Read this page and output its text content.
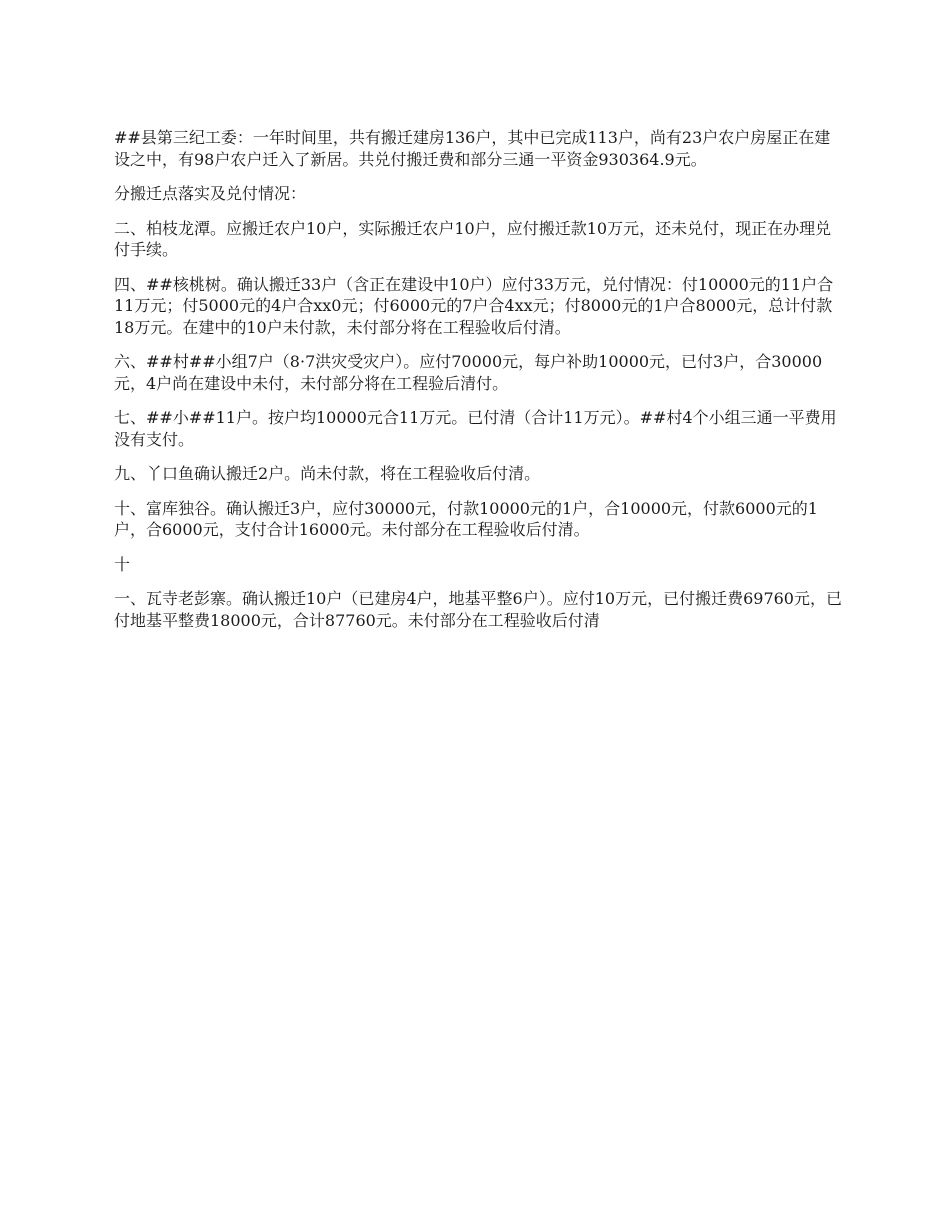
##县第三纪工委：一年时间里，共有搬迁建房136户，其中已完成113户，尚有23户农户房屋正在建设之中，有98户农户迁入了新居。共兑付搬迁费和部分三通一平资金930364.9元。

分搬迁点落实及兑付情况：

二、柏枝龙潭。应搬迁农户10户，实际搬迁农户10户，应付搬迁款10万元，还未兑付，现正在办理兑付手续。

四、##核桃树。确认搬迁33户（含正在建设中10户）应付33万元，兑付情况：付10000元的11户合11万元；付5000元的4户合xx0元；付6000元的7户合4xx元；付8000元的1户合8000元，总计付款18万元。在建中的10户未付款，未付部分将在工程验收后付清。

六、##村##小组7户（8·7洪灾受灾户）。应付70000元，每户补助10000元，已付3户，合30000元，4户尚在建设中未付，未付部分将在工程验后清付。

七、##小##11户。按户均10000元合11万元。已付清（合计11万元）。##村4个小组三通一平费用没有支付。

九、丫口鱼确认搬迁2户。尚未付款，将在工程验收后付清。

十、富库独谷。确认搬迁3户，应付30000元，付款10000元的1户，合10000元，付款6000元的1户，合6000元，支付合计16000元。未付部分在工程验收后付清。

十

一、瓦寺老彭寨。确认搬迁10户（已建房4户，地基平整6户）。应付10万元，已付搬迁费69760元，已付地基平整费18000元，合计87760元。未付部分在工程验收后付清
